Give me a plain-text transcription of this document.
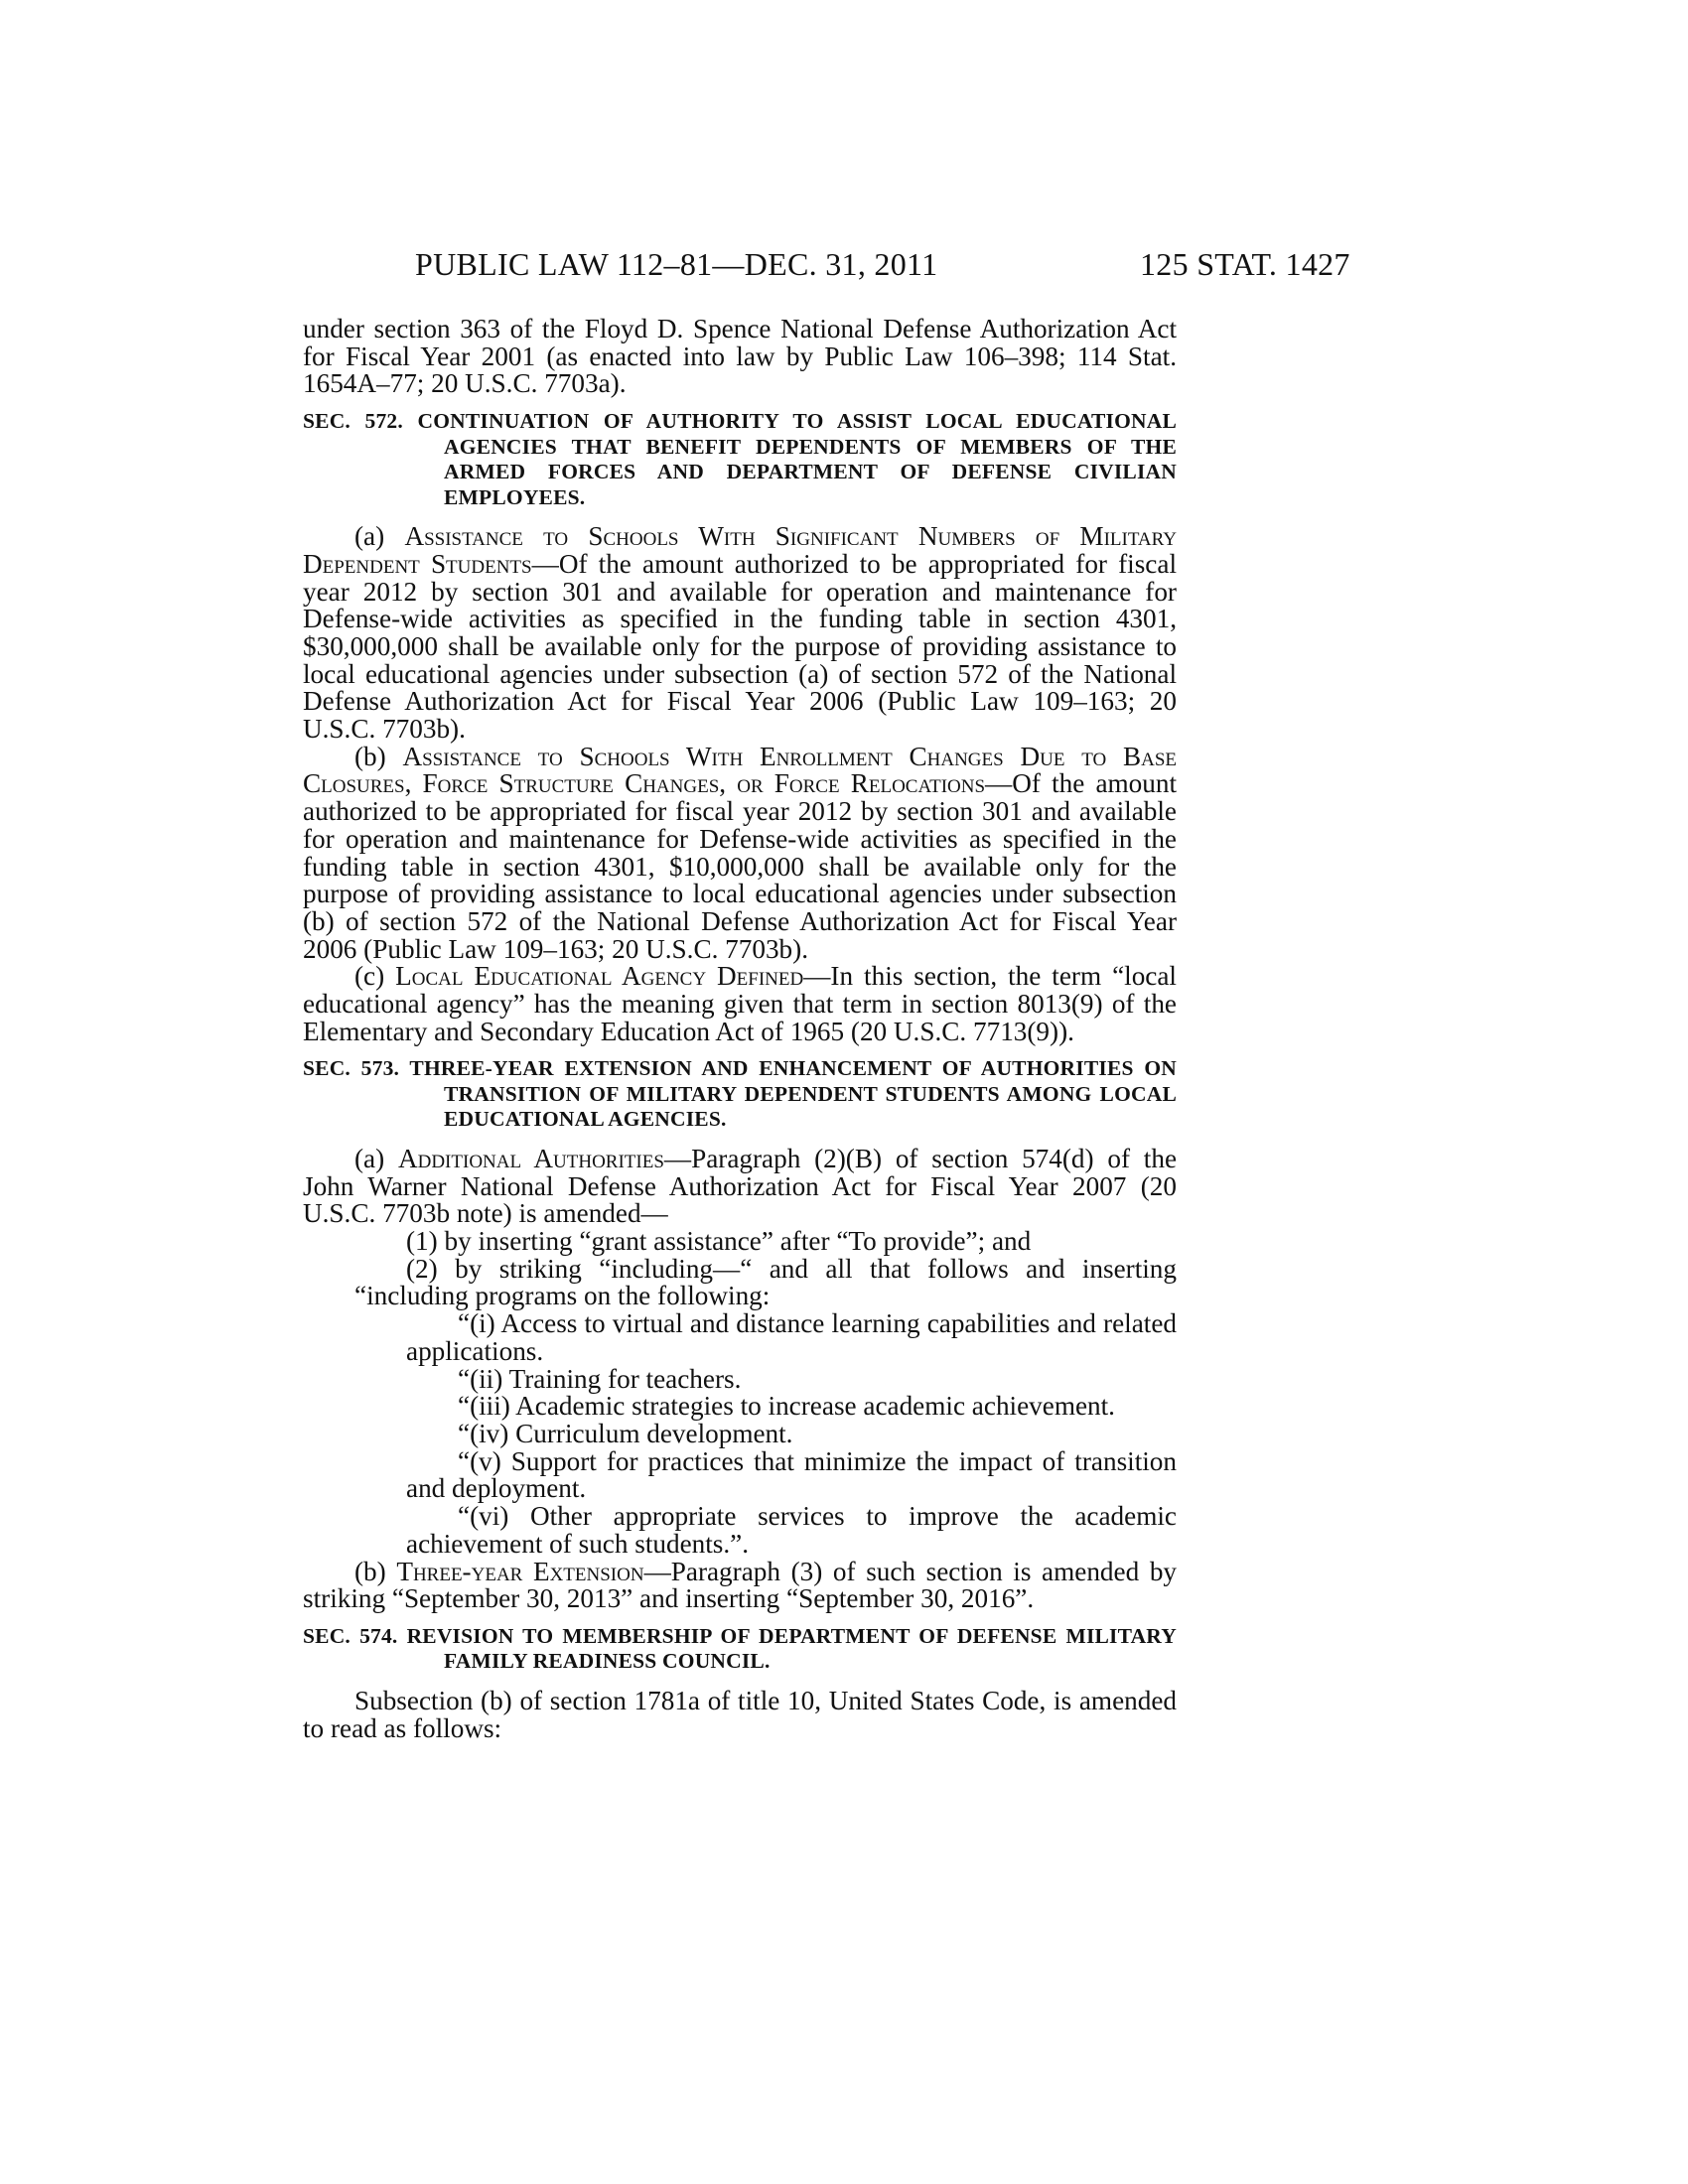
PUBLIC LAW 112–81—DEC. 31, 2011	125 STAT. 1427

under section 363 of the Floyd D. Spence National Defense Authorization Act for Fiscal Year 2001 (as enacted into law by Public Law 106–398; 114 Stat. 1654A–77; 20 U.S.C. 7703a).

SEC. 572. CONTINUATION OF AUTHORITY TO ASSIST LOCAL EDUCATIONAL AGENCIES THAT BENEFIT DEPENDENTS OF MEMBERS OF THE ARMED FORCES AND DEPARTMENT OF DEFENSE CIVILIAN EMPLOYEES.

(a) Assistance to Schools With Significant Numbers of Military Dependent Students—Of the amount authorized to be appropriated for fiscal year 2012 by section 301 and available for operation and maintenance for Defense-wide activities as specified in the funding table in section 4301, $30,000,000 shall be available only for the purpose of providing assistance to local educational agencies under subsection (a) of section 572 of the National Defense Authorization Act for Fiscal Year 2006 (Public Law 109–163; 20 U.S.C. 7703b).

(b) Assistance to Schools With Enrollment Changes Due to Base Closures, Force Structure Changes, or Force Relocations—Of the amount authorized to be appropriated for fiscal year 2012 by section 301 and available for operation and maintenance for Defense-wide activities as specified in the funding table in section 4301, $10,000,000 shall be available only for the purpose of providing assistance to local educational agencies under subsection (b) of section 572 of the National Defense Authorization Act for Fiscal Year 2006 (Public Law 109–163; 20 U.S.C. 7703b).

(c) Local Educational Agency Defined—In this section, the term “local educational agency” has the meaning given that term in section 8013(9) of the Elementary and Secondary Education Act of 1965 (20 U.S.C. 7713(9)).

SEC. 573. THREE-YEAR EXTENSION AND ENHANCEMENT OF AUTHORITIES ON TRANSITION OF MILITARY DEPENDENT STUDENTS AMONG LOCAL EDUCATIONAL AGENCIES.

(a) Additional Authorities—Paragraph (2)(B) of section 574(d) of the John Warner National Defense Authorization Act for Fiscal Year 2007 (20 U.S.C. 7703b note) is amended—

(1) by inserting “grant assistance” after “To provide”; and

(2) by striking “including—“ and all that follows and inserting “including programs on the following:

“(i) Access to virtual and distance learning capabilities and related applications.

“(ii) Training for teachers.

“(iii) Academic strategies to increase academic achievement.

“(iv) Curriculum development.

“(v) Support for practices that minimize the impact of transition and deployment.

“(vi) Other appropriate services to improve the academic achievement of such students.”.

(b) Three-year Extension—Paragraph (3) of such section is amended by striking “September 30, 2013” and inserting “September 30, 2016”.

SEC. 574. REVISION TO MEMBERSHIP OF DEPARTMENT OF DEFENSE MILITARY FAMILY READINESS COUNCIL.

Subsection (b) of section 1781a of title 10, United States Code, is amended to read as follows:
